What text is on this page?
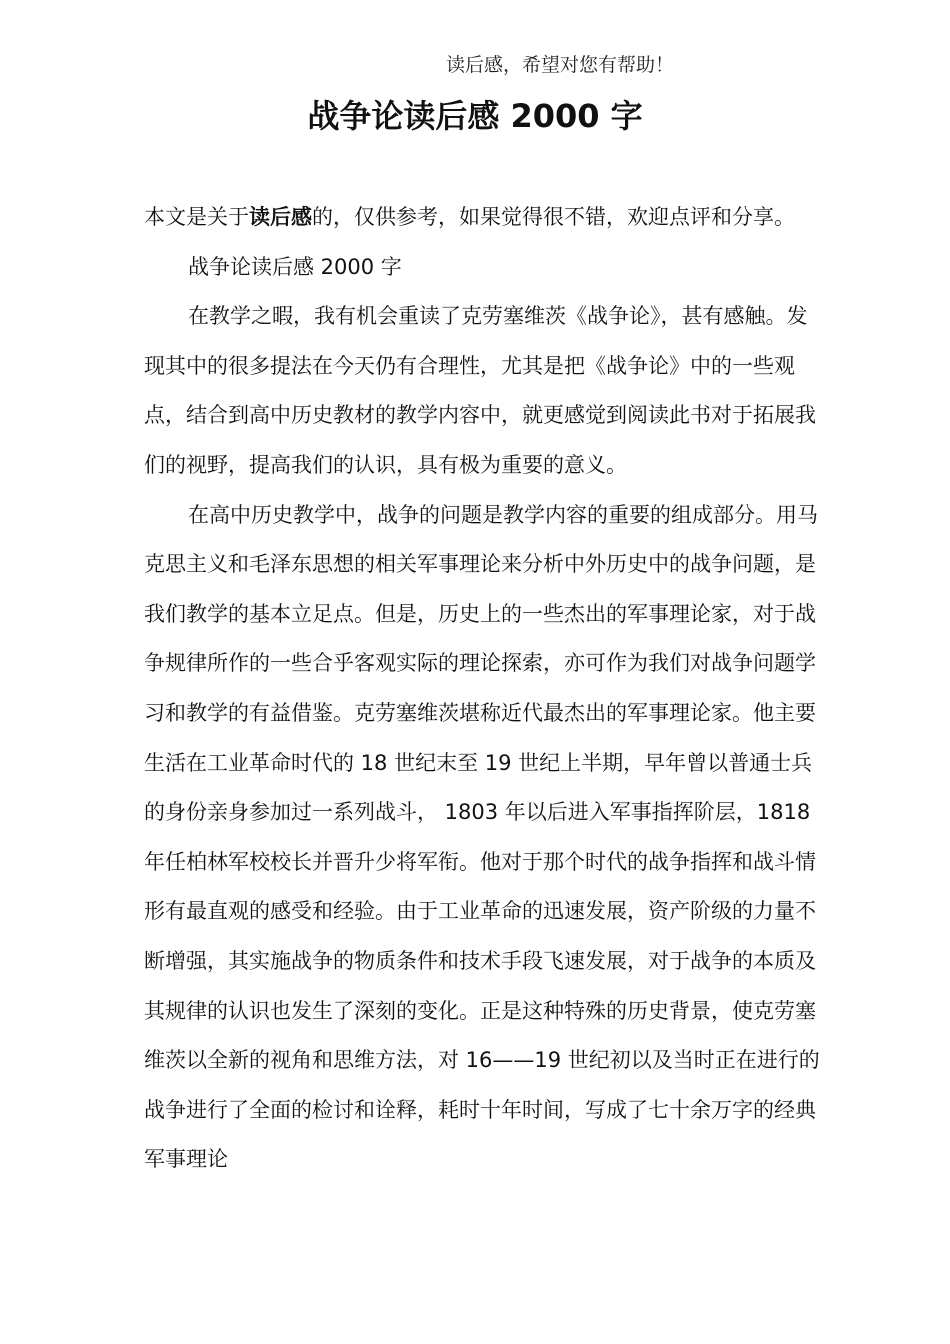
读后感，希望对您有帮助！
战争论读后感 2000 字

本文是关于读后感的，仅供参考，如果觉得很不错，欢迎点评和分享。

战争论读后感 2000 字

在教学之暇，我有机会重读了克劳塞维茨《战争论》，甚有感触。发现其中的很多提法在今天仍有合理性，尤其是把《战争论》中的一些观点，结合到高中历史教材的教学内容中，就更感觉到阅读此书对于拓展我们的视野，提高我们的认识，具有极为重要的意义。

在高中历史教学中，战争的问题是教学内容的重要的组成部分。用马克思主义和毛泽东思想的相关军事理论来分析中外历史中的战争问题，是我们教学的基本立足点。但是，历史上的一些杰出的军事理论家，对于战争规律所作的一些合乎客观实际的理论探索，亦可作为我们对战争问题学习和教学的有益借鉴。克劳塞维茨堪称近代最杰出的军事理论家。他主要生活在工业革命时代的 18 世纪末至 19 世纪上半期，早年曾以普通士兵的身份亲身参加过一系列战斗， 1803 年以后进入军事指挥阶层，1818 年任柏林军校校长并晋升少将军衔。他对于那个时代的战争指挥和战斗情形有最直观的感受和经验。由于工业革命的迅速发展，资产阶级的力量不断增强，其实施战争的物质条件和技术手段飞速发展，对于战争的本质及其规律的认识也发生了深刻的变化。正是这种特殊的历史背景，使克劳塞维茨以全新的视角和思维方法，对 16——19 世纪初以及当时正在进行的战争进行了全面的检讨和诠释，耗时十年时间，写成了七十余万字的经典军事理论
